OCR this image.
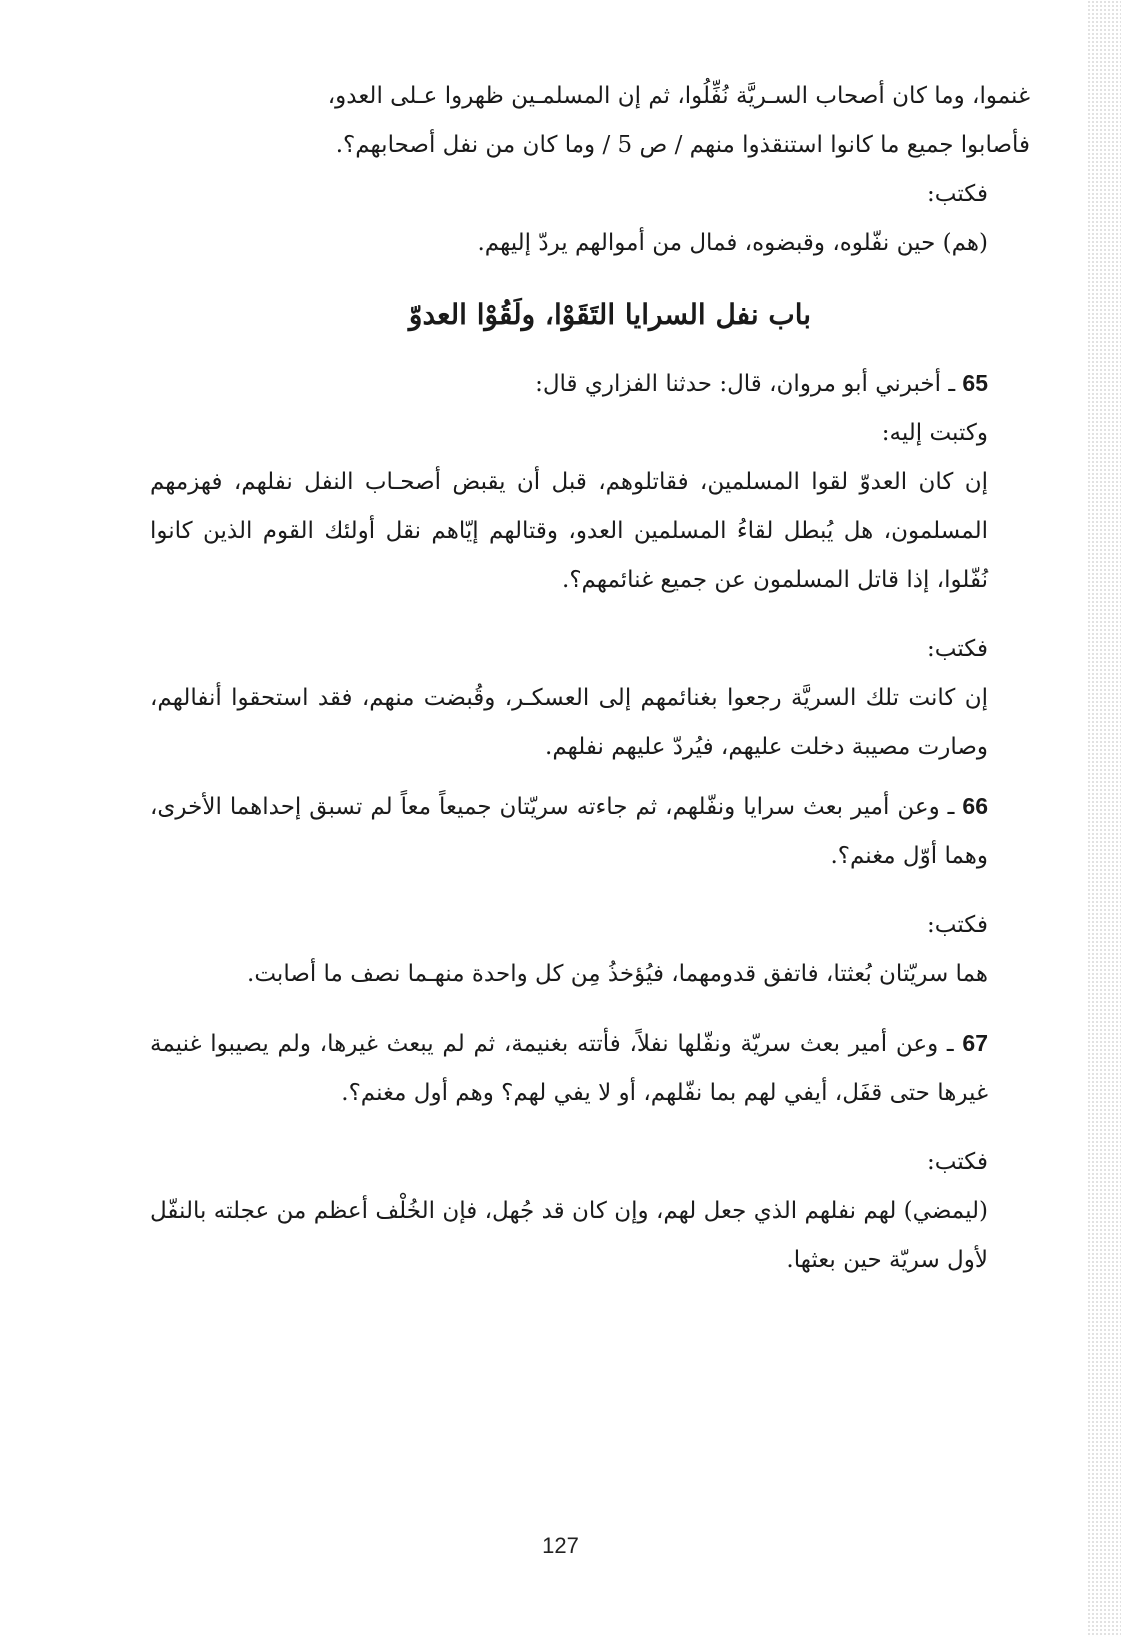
غنموا، وما كان أصحاب السـريَّة نُفِّلُوا، ثم إن المسلمـين ظهروا عـلى العدو،

فأصابوا جميع ما كانوا استنقذوا منهم / ص 5 / وما كان من نفل أصحابهم؟.

فكتب:

(هم) حين نفّلوه، وقبضوه، فمال من أموالهم يردّ إليهم.

باب نفل السرايا التَقَوْا، ولَقُوْا العدوّ

65 ـ أخبرني أبو مروان، قال: حدثنا الفزاري قال:

وكتبت إليه:

إن كان العدوّ لقوا المسلمين، فقاتلوهم، قبل أن يقبض أصحـاب النفل نفلهم، فهزمهم المسلمون، هل يُبطل لقاءُ المسلمين العدو، وقتالهم إيّاهم نقل أولئك القوم الذين كانوا نُفّلوا، إذا قاتل المسلمون عن جميع غنائمهم؟.

فكتب:

إن كانت تلك السريَّة رجعوا بغنائمهم إلى العسكـر، وقُبضت منهم، فقد استحقوا أنفالهم، وصارت مصيبة دخلت عليهم، فيُردّ عليهم نفلهم.

66 ـ وعن أمير بعث سرايا ونفّلهم، ثم جاءته سريّتان جميعاً معاً لم تسبق إحداهما الأخرى، وهما أوّل مغنم؟.

فكتب:

هما سريّتان بُعثتا، فاتفق قدومهما، فيُؤخذُ مِن كل واحدة منهـما نصف ما أصابت.

67 ـ وعن أمير بعث سريّة ونفّلها نفلاً، فأتته بغنيمة، ثم لم يبعث غيرها، ولم يصيبوا غنيمة غيرها حتى قفَل، أيفي لهم بما نفّلهم، أو لا يفي لهم؟ وهم أول مغنم؟.

فكتب:

(ليمضي) لهم نفلهم الذي جعل لهم، وإن كان قد جُهل، فإن الخُلْف أعظم من عجلته بالنفّل لأول سريّة حين بعثها.

127
